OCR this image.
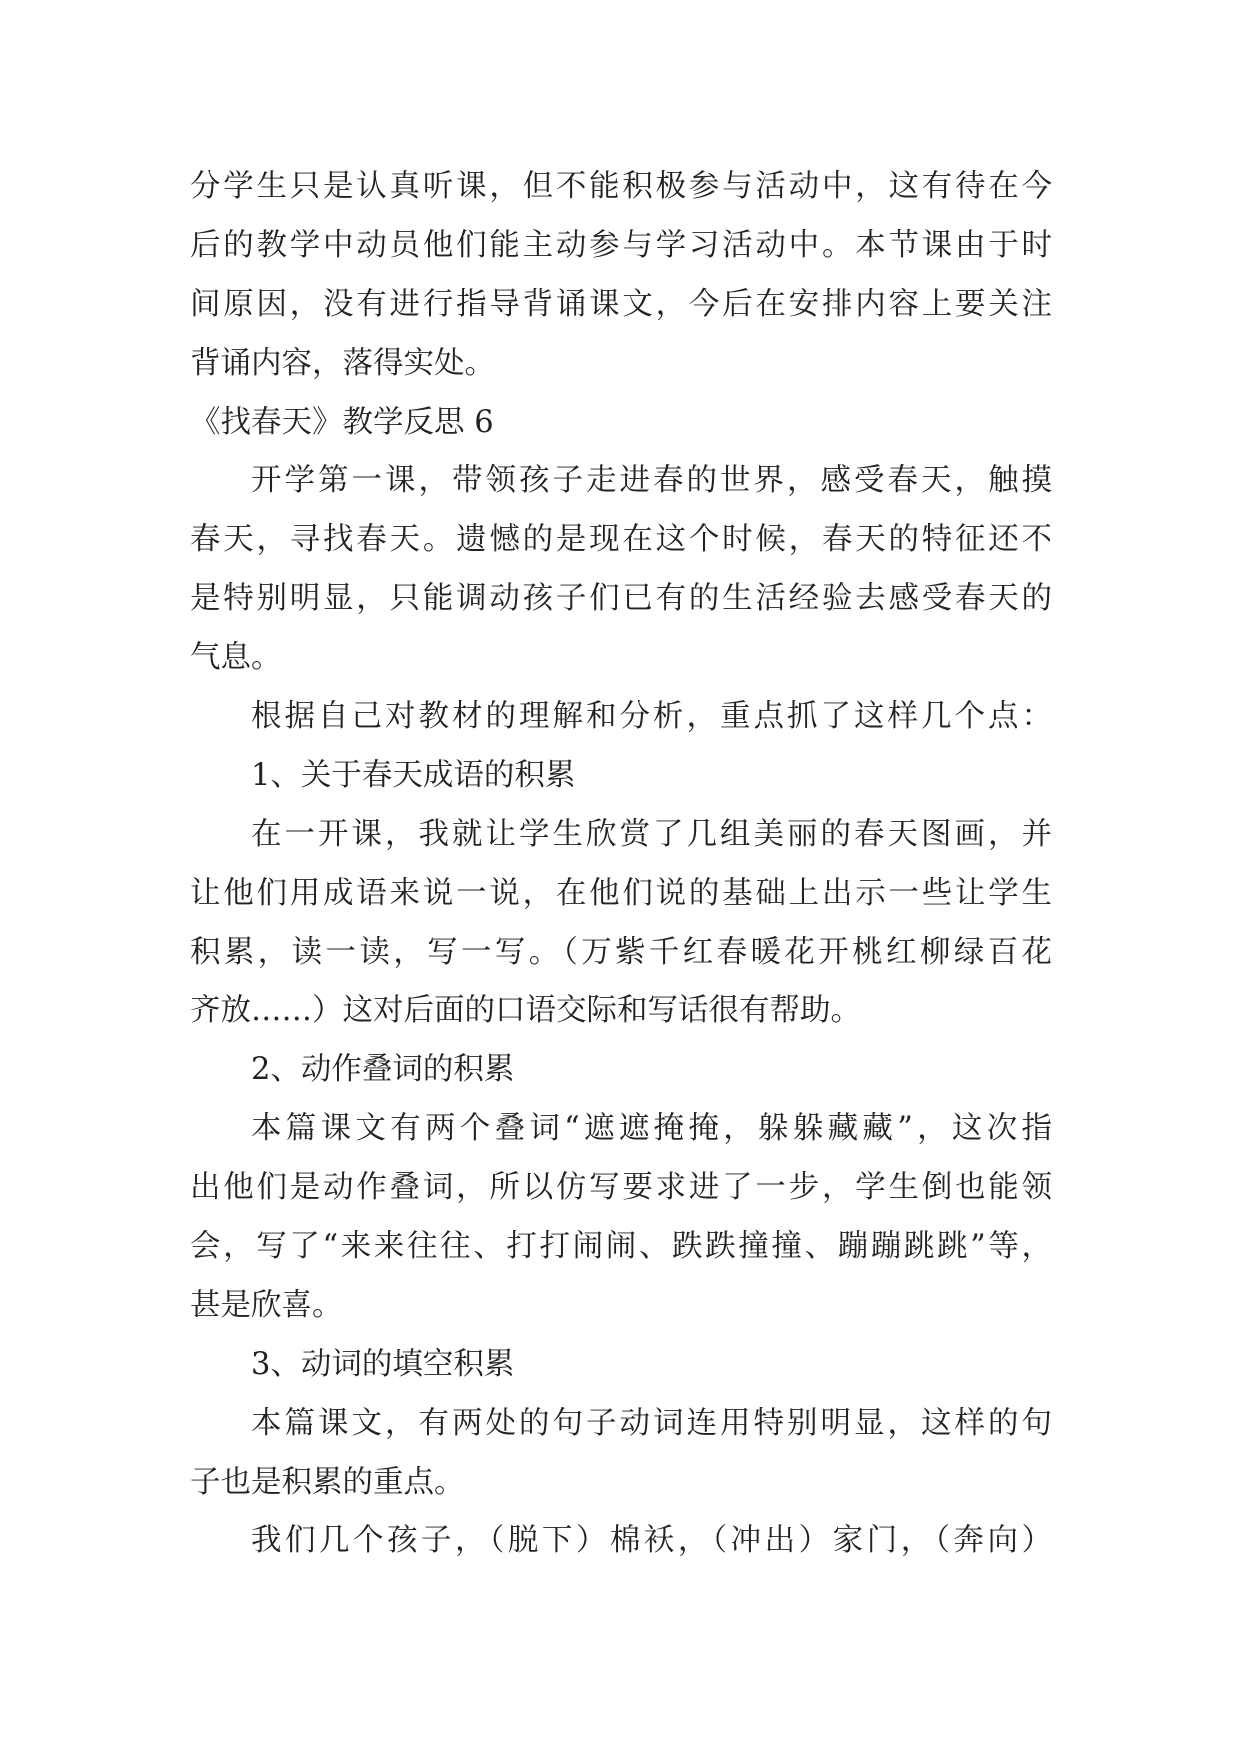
分学生只是认真听课，但不能积极参与活动中，这有待在今
后的教学中动员他们能主动参与学习活动中。本节课由于时
间原因，没有进行指导背诵课文，今后在安排内容上要关注
背诵内容，落得实处。
《找春天》教学反思 6
开学第一课，带领孩子走进春的世界，感受春天，触摸
春天，寻找春天。遗憾的是现在这个时候，春天的特征还不
是特别明显，只能调动孩子们已有的生活经验去感受春天的
气息。
根据自己对教材的理解和分析，重点抓了这样几个点：
1、关于春天成语的积累
在一开课，我就让学生欣赏了几组美丽的春天图画，并
让他们用成语来说一说，在他们说的基础上出示一些让学生
积累，读一读，写一写。（万紫千红春暖花开桃红柳绿百花
齐放……）这对后面的口语交际和写话很有帮助。
2、动作叠词的积累
本篇课文有两个叠词“遮遮掩掩，躲躲藏藏”，这次指
出他们是动作叠词，所以仿写要求进了一步，学生倒也能领
会，写了“来来往往、打打闹闹、跌跌撞撞、蹦蹦跳跳”等，
甚是欣喜。
3、动词的填空积累
本篇课文，有两处的句子动词连用特别明显，这样的句
子也是积累的重点。
我们几个孩子，（脱下）棉袄，（冲出）家门，（奔向）
